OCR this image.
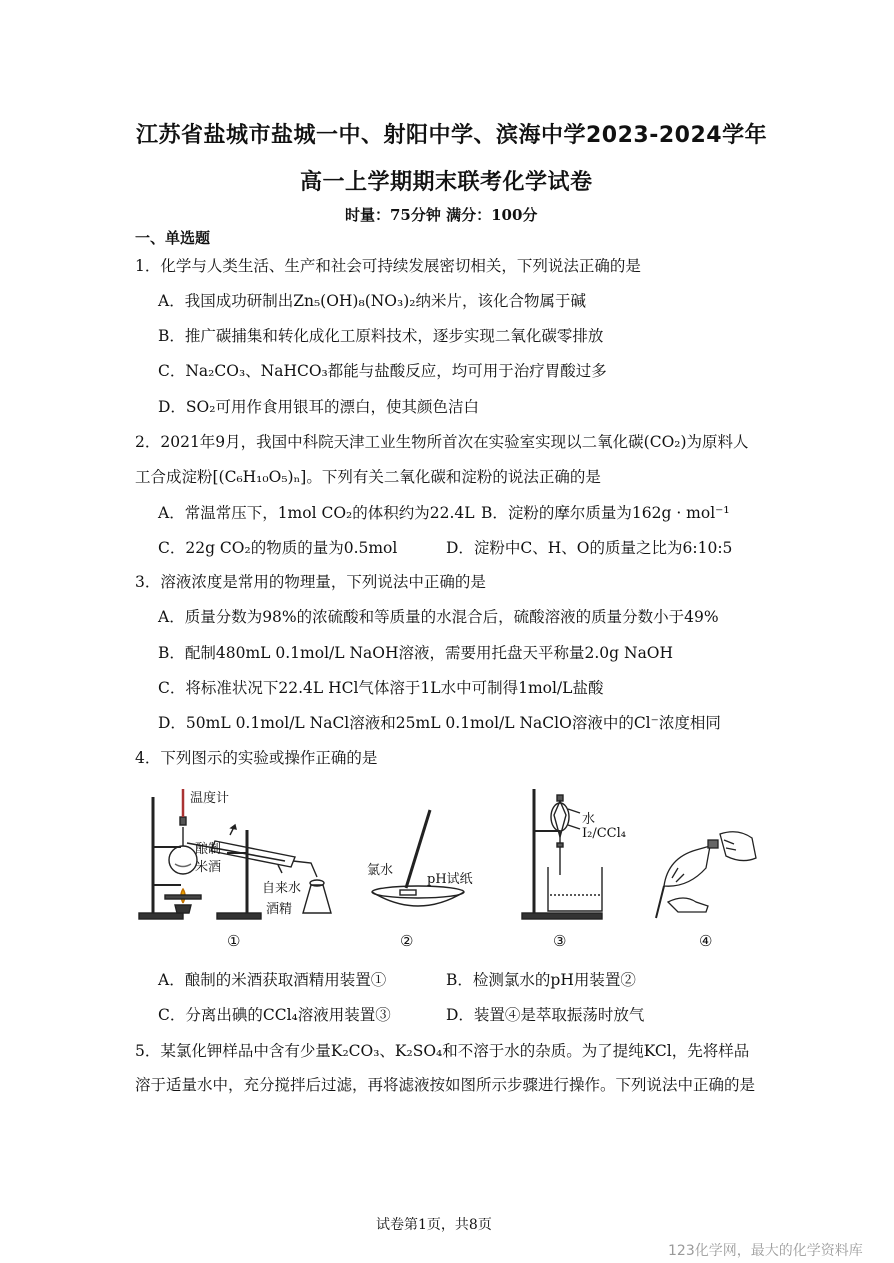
江苏省盐城市盐城一中、射阳中学、滨海中学2023-2024学年
高一上学期期末联考化学试卷
时量：75分钟 满分：100分
一、单选题
1．化学与人类生活、生产和社会可持续发展密切相关，下列说法正确的是
A．我国成功研制出Zn₅(OH)₈(NO₃)₂纳米片，该化合物属于碱
B．推广碳捕集和转化成化工原料技术，逐步实现二氧化碳零排放
C．Na₂CO₃、NaHCO₃都能与盐酸反应，均可用于治疗胃酸过多
D．SO₂可用作食用银耳的漂白，使其颜色洁白
2．2021年9月，我国中科院天津工业生物所首次在实验室实现以二氧化碳(CO₂)为原料人
工合成淀粉[(C₆H₁₀O₅)ₙ]。下列有关二氧化碳和淀粉的说法正确的是
A．常温常压下，1mol CO₂的体积约为22.4L B．淀粉的摩尔质量为162g · mol⁻¹
C．22g CO₂的物质的量为0.5mol	D．淀粉中C、H、O的质量之比为6:10:5
3．溶液浓度是常用的物理量，下列说法中正确的是
A．质量分数为98%的浓硫酸和等质量的水混合后，硫酸溶液的质量分数小于49%
B．配制480mL 0.1mol/L NaOH溶液，需要用托盘天平称量2.0g NaOH
C．将标准状况下22.4L HCl气体溶于1L水中可制得1mol/L盐酸
D．50mL 0.1mol/L NaCl溶液和25mL 0.1mol/L NaClO溶液中的Cl⁻浓度相同
4．下列图示的实验或操作正确的是
温度计
酿制
米酒
自来水
酒精
①
氯水
pH试纸
②
水
I₂/CCl₄
③	④
A．酿制的米酒获取酒精用装置①	B．检测氯水的pH用装置②
C．分离出碘的CCl₄溶液用装置③	D．装置④是萃取振荡时放气
5．某氯化钾样品中含有少量K₂CO₃、K₂SO₄和不溶于水的杂质。为了提纯KCl，先将样品
溶于适量水中，充分搅拌后过滤，再将滤液按如图所示步骤进行操作。下列说法中正确的是
试卷第1页，共8页
123化学网，最大的化学资料库
